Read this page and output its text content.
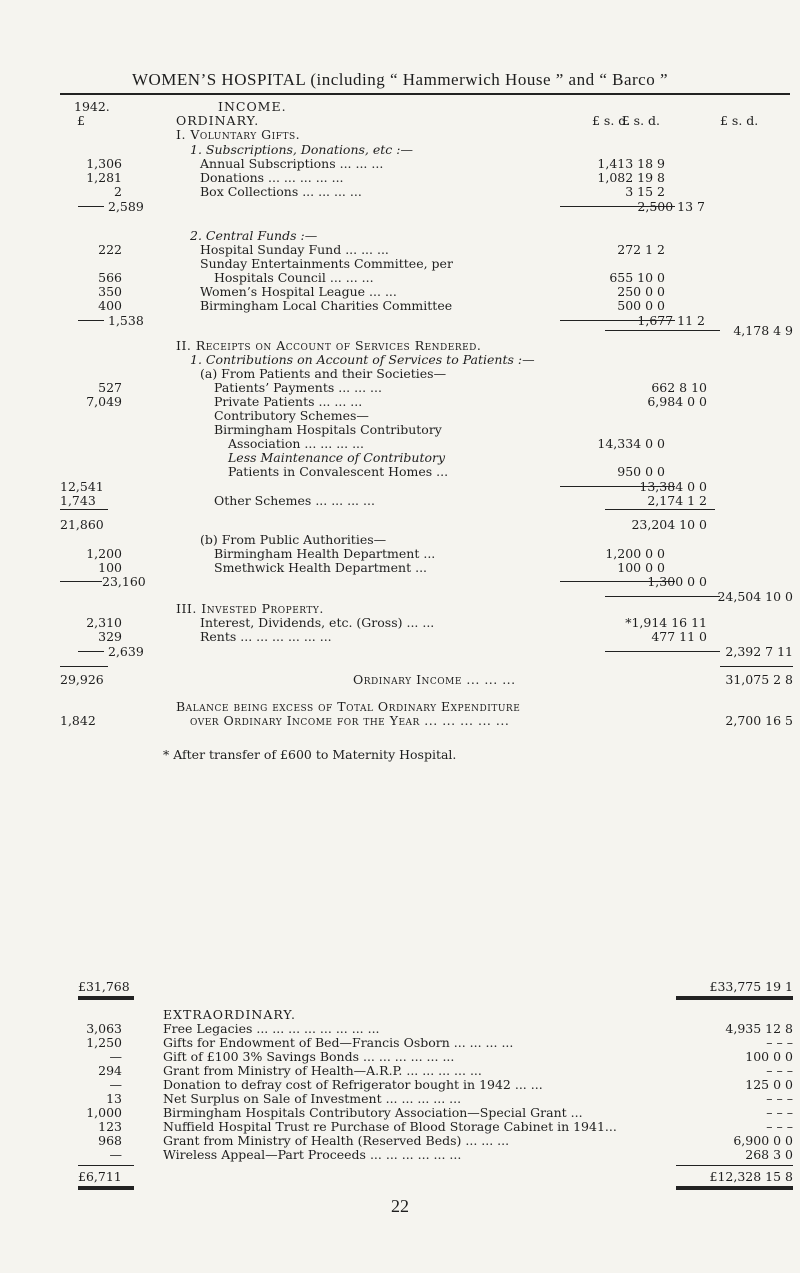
WOMEN’S HOSPITAL (including “ Hammerwich House ” and “ Barco ”
1942.
£
INCOME.
ORDINARY.	£ s. d.
£ s. d.	£ s. d.
I. Voluntary Gifts.
1. Subscriptions, Donations, etc :—
1,306	Annual Subscriptions ... ... ...	1,413 18 9
1,281	Donations ... ... ... ... ...	1,082 19 8
2	Box Collections ... ... ... ...	3 15 2
2,589	2,500 13 7
2. Central Funds :—
222	Hospital Sunday Fund ... ... ...	272 1 2
Sunday Entertainments Committee, per
566	Hospitals Council ... ... ...	655 10 0
350	Women’s Hospital League ... ...	250 0 0
400	Birmingham Local Charities Committee	500 0 0
1,538	1,677 11 2
4,178 4 9
II. Receipts on Account of Services Rendered.
1. Contributions on Account of Services to Patients :—
(a) From Patients and their Societies—
527	Patients’ Payments ... ... ...	662 8 10
7,049	Private Patients ... ... ...	6,984 0 0
Contributory Schemes—
Birmingham Hospitals Contributory
Association ... ... ... ...	14,334 0 0
Less Maintenance of Contributory
Patients in Convalescent Homes ...	950 0 0
12,541	13,384 0 0
1,743	Other Schemes ... ... ... ...	2,174 1 2
21,860	23,204 10 0
(b) From Public Authorities—
1,200	Birmingham Health Department ...	1,200 0 0
100	Smethwick Health Department ...	100 0 0
23,160	1,300 0 0
24,504 10 0
III. Invested Property.
2,310	Interest, Dividends, etc. (Gross) ... ...	*1,914 16 11
329	Rents ... ... ... ... ... ...	477 11 0
2,639	2,392 7 11
29,926	Ordinary Income ... ... ...	31,075 2 8
Balance being excess of Total Ordinary Expenditure
1,842	over Ordinary Income for the Year ... ... ... ... ...	2,700 16 5
* After transfer of £600 to Maternity Hospital.
£31,768	£33,775 19 1
EXTRAORDINARY.
3,063	Free Legacies ... ... ... ... ... ... ... ...	4,935 12 8
1,250	Gifts for Endowment of Bed—Francis Osborn ... ... ... ...	– – –
—	Gift of £100 3% Savings Bonds ... ... ... ... ... ...	100 0 0
294	Grant from Ministry of Health—A.R.P. ... ... ... ... ...	– – –
—	Donation to defray cost of Refrigerator bought in 1942 ... ...	125 0 0
13	Net Surplus on Sale of Investment ... ... ... ... ...	– – –
1,000	Birmingham Hospitals Contributory Association—Special Grant ...	– – –
123	Nuffield Hospital Trust re Purchase of Blood Storage Cabinet in 1941...	– – –
968	Grant from Ministry of Health (Reserved Beds) ... ... ...	6,900 0 0
—	Wireless Appeal—Part Proceeds ... ... ... ... ... ...	268 3 0
£6,711	£12,328 15 8
22
